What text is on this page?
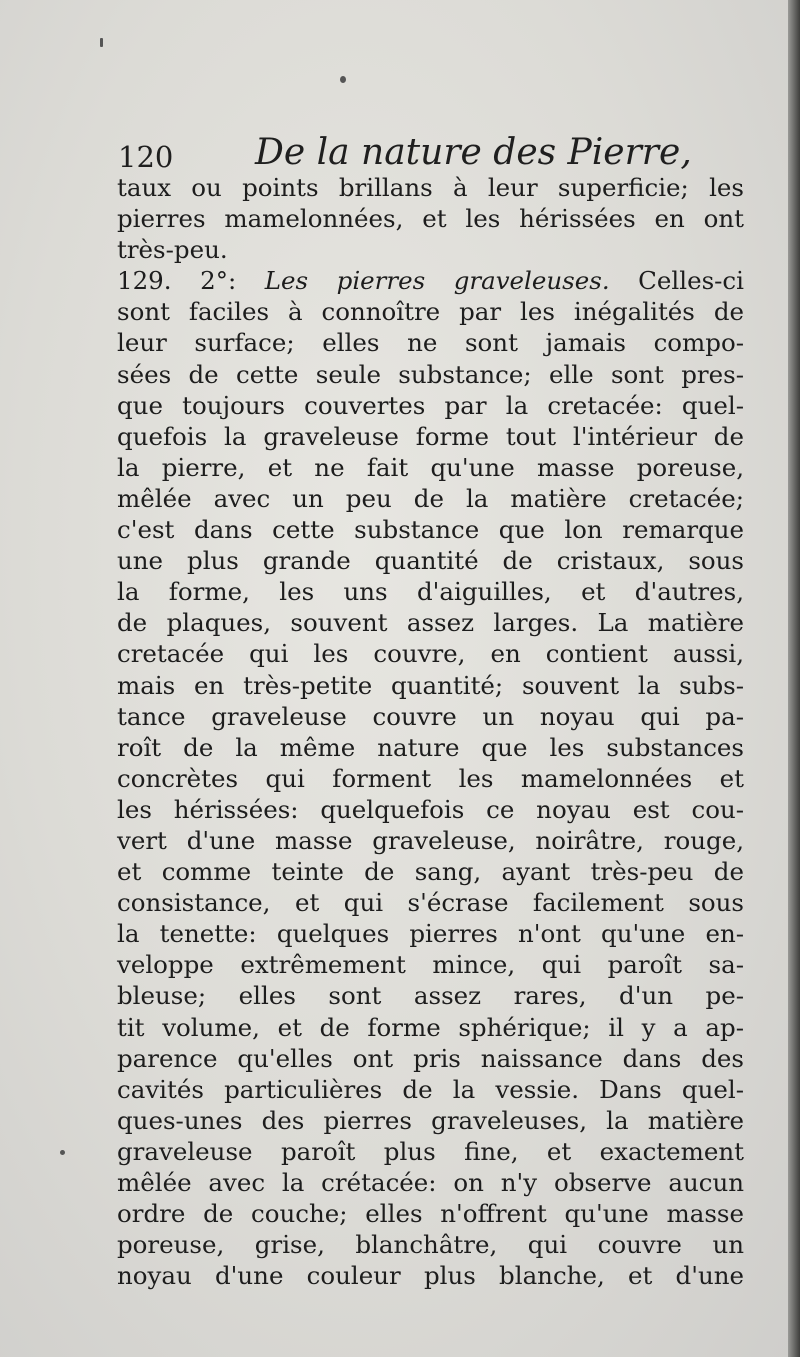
120 De la nature des Pierre,
taux ou points brillans à leur superficie; les
pierres mamelonnées, et les hérissées en ont
très-peu.
129. 2°: Les pierres graveleuses. Celles-ci
sont faciles à connoître par les inégalités de
leur surface; elles ne sont jamais compo-
sées de cette seule substance; elle sont pres-
que toujours couvertes par la cretacée: quel-
quefois la graveleuse forme tout l'intérieur de
la pierre, et ne fait qu'une masse poreuse,
mêlée avec un peu de la matière cretacée;
c'est dans cette substance que lon remarque
une plus grande quantité de cristaux, sous
la forme, les uns d'aiguilles, et d'autres,
de plaques, souvent assez larges. La matière
cretacée qui les couvre, en contient aussi,
mais en très-petite quantité; souvent la subs-
tance graveleuse couvre un noyau qui pa-
roît de la même nature que les substances
concrètes qui forment les mamelonnées et
les hérissées: quelquefois ce noyau est cou-
vert d'une masse graveleuse, noirâtre, rouge,
et comme teinte de sang, ayant très-peu de
consistance, et qui s'écrase facilement sous
la tenette: quelques pierres n'ont qu'une en-
veloppe extrêmement mince, qui paroît sa-
bleuse; elles sont assez rares, d'un pe-
tit volume, et de forme sphérique; il y a ap-
parence qu'elles ont pris naissance dans des
cavités particulières de la vessie. Dans quel-
ques-unes des pierres graveleuses, la matière
graveleuse paroît plus fine, et exactement
mêlée avec la crétacée: on n'y observe aucun
ordre de couche; elles n'offrent qu'une masse
poreuse, grise, blanchâtre, qui couvre un
noyau d'une couleur plus blanche, et d'une
